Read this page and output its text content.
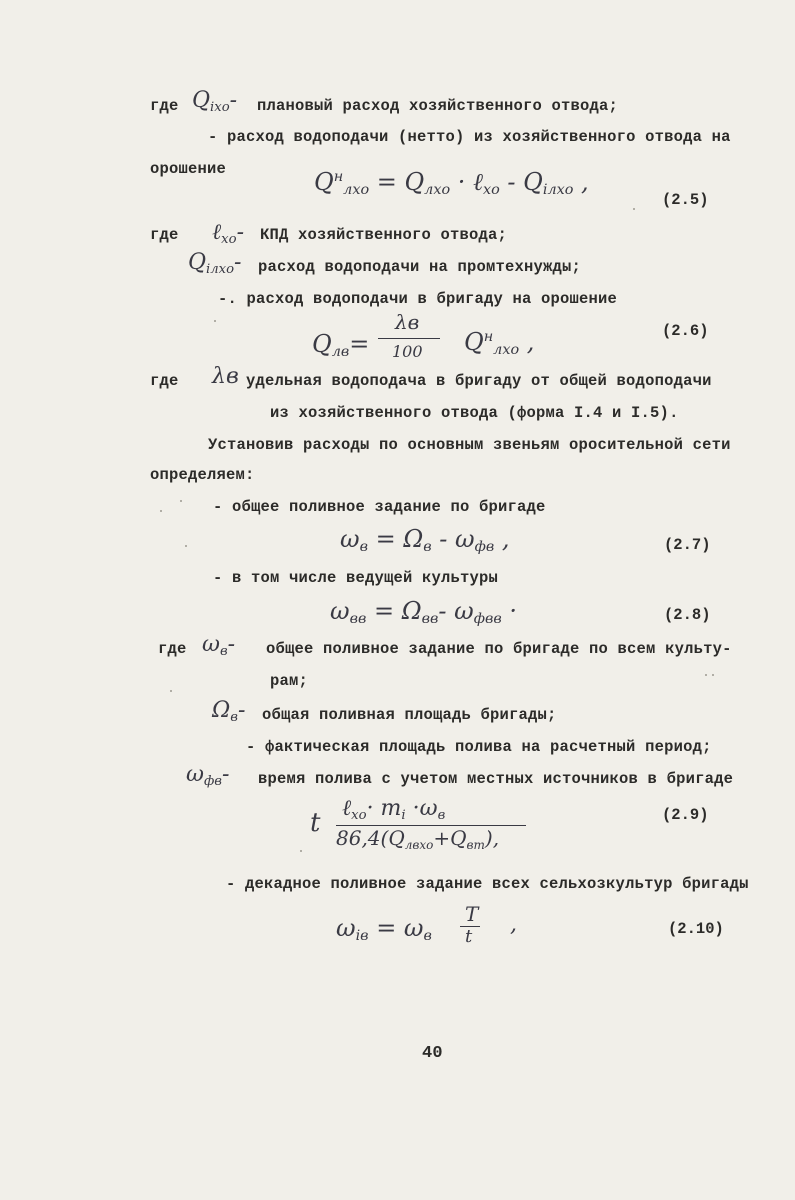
где $Q_{ixo}-$ плановый расход хозяйственного отвода;
- расход водоподачи (нетто) из хозяйственного отвода на
орошение	$Q^н_{лхо} = Q_{лхо}$ · ℓ$_{хо}$ - $Q_{iлхо}$ ,
(2.5)
где ℓ$_{хо}$- КПД хозяйственного отвода;
$Q_{iлхо}-$ расход водоподачи на промтехнужды;
-. расход водоподачи в бригаду на орошение
$Q_{лв}=$
λв
100 $Q^н_{лхо}$ ,	(2.6)
где λв удельная водоподача в бригаду от общей водоподачи
из хозяйственного отвода (форма I.4 и I.5).
Установив расходы по основным звеньям оросительной сети
определяем:
- общее поливное задание по бригаде
$\omega_в = \Omega_в - \omega_{фв}$ ,	(2.7)
- в том числе ведущей культуры
$\omega_{вв} = \Omega_{вв}-$ $\omega_{фвв}$ ·	(2.8)
где $\omega_в-$ общее поливное задание по бригаде по всем культу-
рам;
$\Omega_в-$ общая поливная площадь бригады;
- фактическая площадь полива на расчетный период;
$\omega_{фв}-$ время полива с учетом местных источников в бригаде
t ℓ$_{хо}$· $m_i \cdot\omega_в$
$86,4(Q_{лвхо}+Q_{вm})$,
(2.9)
- декадное поливное задание всех сельхозкультур бригады
$\omega_{iв} = \omega_в$
T
t ,	(2.10)
40
